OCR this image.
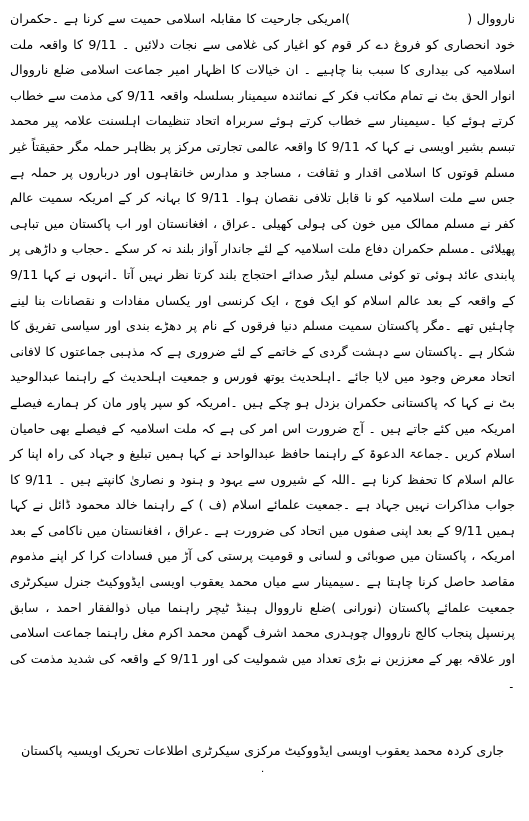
نارووال (  )امریکی جارحیت کا مقابلہ اسلامی حمیت سے کرنا ہے ۔حکمران خود انحصاری کو فروغ دے کر قوم کو اغیار کی غلامی سے نجات دلائیں ۔ 9/11 کا واقعہ ملت اسلامیہ کی بیداری کا سبب بنا چاہیے ۔ ان خیالات کا اظہار امیر جماعت اسلامی ضلع نارووال انوار الحق بٹ نے تمام مکاتب فکر کے نمائندہ سیمینار بسلسلہ واقعہ 9/11 کی مذمت سے خطاب کرتے ہوئے کیا ۔سیمینار سے خطاب کرتے ہوئے سربراہ اتحاد تنظیمات اہلسنت علامہ پیر محمد تبسم بشیر اویسی نے کہا کہ 9/11 کا واقعہ عالمی تجارتی مرکز پر بظاہر حملہ مگر حقیقتاً غیر مسلم قوتوں کا اسلامی اقدار و ثقافت ، مساجد و مدارس خانقاہوں اور درباروں پر حملہ ہے جس سے ملت اسلامیہ کو نا قابل تلافی نقصان ہوا۔ 9/11 کا بہانہ کر کے امریکہ سمیت عالم کفر نے مسلم ممالک میں خون کی ہولی کھیلی ۔عراق ، افغانستان اور اب پاکستان میں تباہی پھیلائی ۔مسلم حکمران دفاع ملت اسلامیہ کے لئے جاندار آواز بلند نہ کر سکے ۔حجاب و داڑھی پر پابندی عائد ہوئی تو کوئی مسلم لیڈر صدائے احتجاج بلند کرتا نظر نہیں آتا ۔انہوں نے کہا 9/11 کے واقعہ کے بعد عالم اسلام کو ایک فوج ، ایک کرنسی اور یکساں مفادات و نقصانات بنا لینے چاہئیں تھے ۔مگر پاکستان سمیت مسلم دنیا فرقوں کے نام پر دھڑے بندی اور سیاسی تفریق کا شکار ہے ۔پاکستان سے دہشت گردی کے خاتمے کے لئے ضروری ہے کہ مذہبی جماعتوں کا لافانی اتحاد معرض وجود میں لایا جائے ۔اہلحدیث یوتھ فورس و جمعیت اہلحدیث کے راہنما عبدالوحید بٹ نے کہا کہ پاکستانی حکمران بزدل ہو چکے ہیں ۔امریکہ کو سپر پاور مان کر ہمارے فیصلے امریکہ میں کئے جاتے ہیں ۔ آج ضرورت اس امر کی ہے کہ ملت اسلامیہ کے فیصلے بھی حامیان اسلام کریں ۔جماعۃ الدعوۃ کے راہنما حافظ عبدالواحد نے کہا ہمیں تبلیغ و جہاد کی راہ اپنا کر عالم اسلام کا تحفظ کرنا ہے ۔اللہ کے شیروں سے یہود و ہنود و نصاریٰ کانپتے ہیں ۔ 9/11 کا جواب مذاکرات نہیں جہاد ہے ۔جمعیت علمائے اسلام (ف ) کے راہنما خالد محمود ڈائل نے کہا ہمیں 9/11 کے بعد اپنی صفوں میں اتحاد کی ضرورت ہے ۔عراق ، افغانستان میں ناکامی کے بعد امریکہ ، پاکستان میں صوبائی و لسانی و قومیت پرستی کی آڑ میں فسادات کرا کر اپنے مذموم مقاصد حاصل کرنا چاہتا ہے ۔سیمینار سے میاں محمد یعقوب اویسی ایڈووکیٹ جنرل سیکرٹری جمعیت علمائے پاکستان (نورانی )ضلع نارووال ہینڈ ٹیچر راہنما میاں ذوالفقار احمد ، سابق پرنسپل پنجاب کالج نارووال چوہدری محمد اشرف گھمن محمد اکرم مغل راہنما جماعت اسلامی اور علاقہ بھر کے معززین نے بڑی تعداد میں شمولیت کی اور 9/11 کے واقعہ کی شدید مذمت کی ۔
جاری کردہ محمد یعقوب اویسی ایڈووکیٹ مرکزی سیکرٹری اطلاعات تحریک اویسیہ پاکستان
۰
